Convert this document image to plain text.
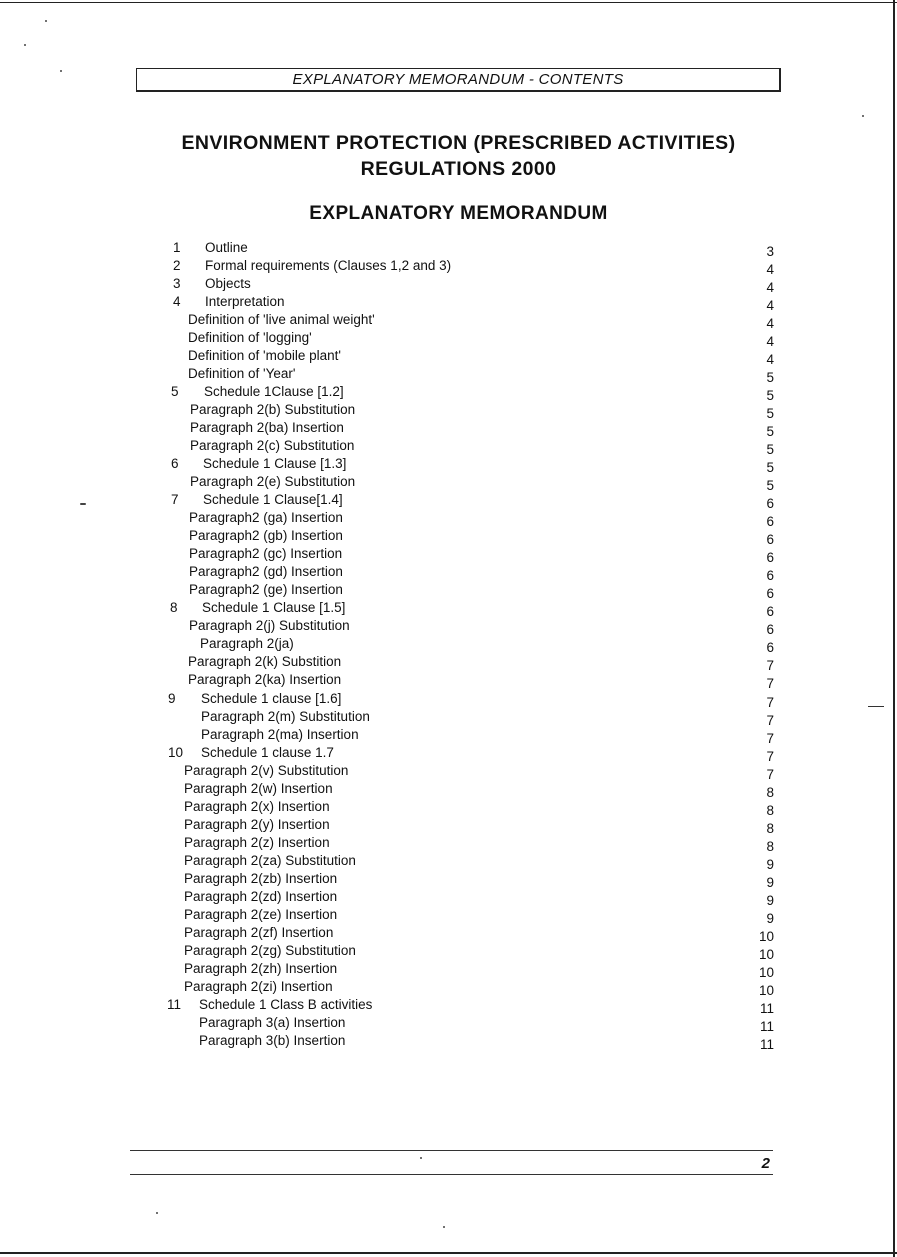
EXPLANATORY MEMORANDUM - CONTENTS
ENVIRONMENT PROTECTION (PRESCRIBED ACTIVITIES)
REGULATIONS 2000
EXPLANATORY MEMORANDUM
1 Outline	3
2 Formal requirements (Clauses 1,2 and 3)	4
3 Objects	4
4 Interpretation	4
Definition of 'live animal weight'	4
Definition of 'logging'	4
Definition of 'mobile plant'	4
Definition of 'Year'	5
5 Schedule 1Clause [1.2]	5
Paragraph 2(b) Substitution	5
Paragraph 2(ba) Insertion	5
Paragraph 2(c) Substitution	5
6 Schedule 1 Clause [1.3]	5
Paragraph 2(e) Substitution	5
7 Schedule 1 Clause[1.4]	6
Paragraph2 (ga) Insertion	6
Paragraph2 (gb) Insertion	6
Paragraph2 (gc) Insertion	6
Paragraph2 (gd) Insertion	6
Paragraph2 (ge) Insertion	6
8 Schedule 1 Clause [1.5]	6
Paragraph 2(j) Substitution	6
Paragraph 2(ja)	6
Paragraph 2(k) Substition	7
Paragraph 2(ka) Insertion	7
9 Schedule 1 clause [1.6]	7
Paragraph 2(m) Substitution	7
Paragraph 2(ma) Insertion	7
10 Schedule 1 clause 1.7	7
Paragraph 2(v) Substitution	7
Paragraph 2(w) Insertion	8
Paragraph 2(x) Insertion	8
Paragraph 2(y) Insertion	8
Paragraph 2(z) Insertion	8
Paragraph 2(za) Substitution	9
Paragraph 2(zb) Insertion	9
Paragraph 2(zd) Insertion	9
Paragraph 2(ze) Insertion	9
Paragraph 2(zf) Insertion	10
Paragraph 2(zg) Substitution	10
Paragraph 2(zh) Insertion	10
Paragraph 2(zi) Insertion	10
11 Schedule 1 Class B activities	11
Paragraph 3(a) Insertion	11
Paragraph 3(b) Insertion	11
2
